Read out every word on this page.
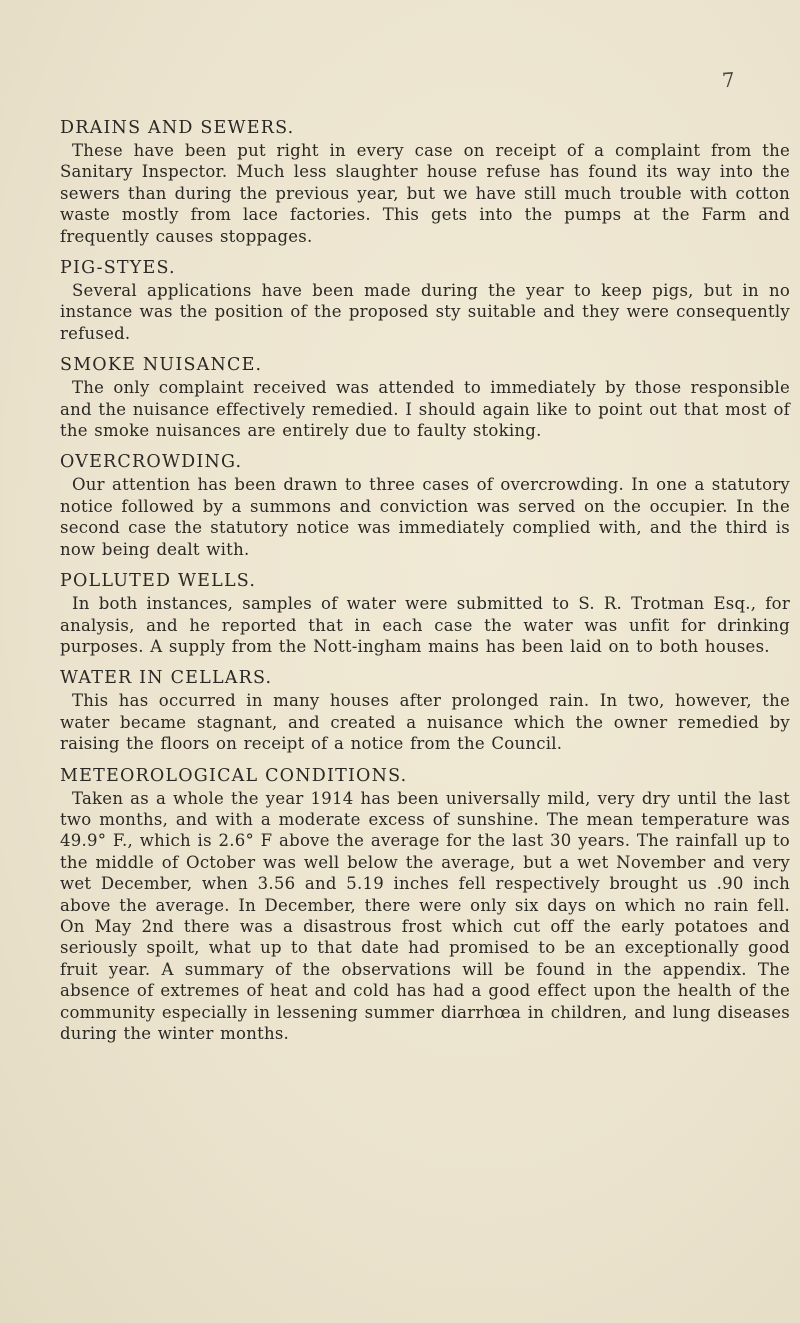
7
DRAINS AND SEWERS.

These have been put right in every case on receipt of a complaint from the Sanitary Inspector. Much less slaughter house refuse has found its way into the sewers than during the previous year, but we have still much trouble with cotton waste mostly from lace factories. This gets into the pumps at the Farm and frequently causes stoppages.

PIG-STYES.

Several applications have been made during the year to keep pigs, but in no instance was the position of the proposed sty suitable and they were consequently refused.

SMOKE NUISANCE.

The only complaint received was attended to immediately by those responsible and the nuisance effectively remedied. I should again like to point out that most of the smoke nuisances are entirely due to faulty stoking.

OVERCROWDING.

Our attention has been drawn to three cases of overcrowding. In one a statutory notice followed by a summons and conviction was served on the occupier. In the second case the statutory notice was immediately complied with, and the third is now being dealt with.

POLLUTED WELLS.

In both instances, samples of water were submitted to S. R. Trotman Esq., for analysis, and he reported that in each case the water was unfit for drinking purposes. A supply from the Nott-ingham mains has been laid on to both houses.

WATER IN CELLARS.

This has occurred in many houses after prolonged rain. In two, however, the water became stagnant, and created a nuisance which the owner remedied by raising the floors on receipt of a notice from the Council.

METEOROLOGICAL CONDITIONS.

Taken as a whole the year 1914 has been universally mild, very dry until the last two months, and with a moderate excess of sunshine. The mean temperature was 49.9° F., which is 2.6° F above the average for the last 30 years. The rainfall up to the middle of October was well below the average, but a wet November and very wet December, when 3.56 and 5.19 inches fell respectively brought us .90 inch above the average. In December, there were only six days on which no rain fell. On May 2nd there was a disastrous frost which cut off the early potatoes and seriously spoilt, what up to that date had promised to be an exceptionally good fruit year. A summary of the observations will be found in the appendix. The absence of extremes of heat and cold has had a good effect upon the health of the community especially in lessening summer diarrhœa in children, and lung diseases during the winter months.
